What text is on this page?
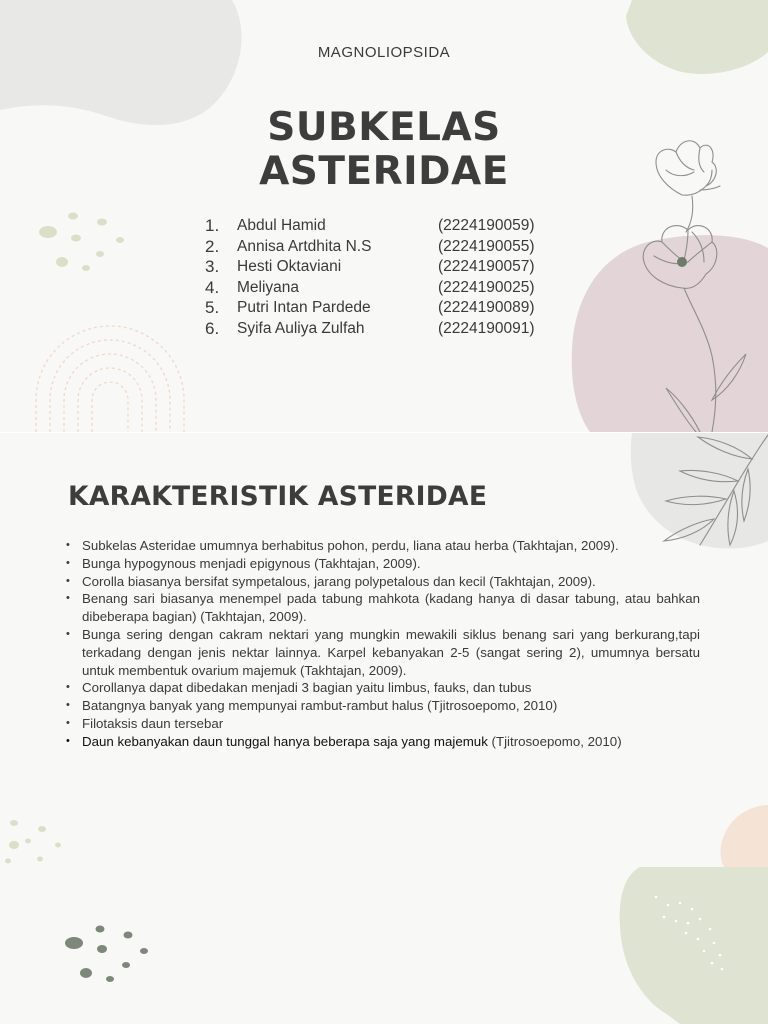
MAGNOLIOPSIDA
SUBKELAS
ASTERIDAE
1.	Abdul Hamid	(2224190059)
2.	Annisa Artdhita N.S	(2224190055)
3.	Hesti Oktaviani	(2224190057)
4.	Meliyana	(2224190025)
5.	Putri Intan Pardede	(2224190089)
6.	Syifa Auliya Zulfah	(2224190091)
KARAKTERISTIK ASTERIDAE
• Subkelas Asteridae umumnya berhabitus pohon, perdu, liana atau herba (Takhtajan, 2009).
• Bunga hypogynous menjadi epigynous (Takhtajan, 2009).
• Corolla biasanya bersifat sympetalous, jarang polypetalous dan kecil (Takhtajan, 2009).
• Benang sari biasanya menempel pada tabung mahkota (kadang hanya di dasar tabung, atau bahkan dibeberapa bagian) (Takhtajan, 2009).
• Bunga sering dengan cakram nektari yang mungkin mewakili siklus benang sari yang berkurang,tapi terkadang dengan jenis nektar lainnya. Karpel kebanyakan 2-5 (sangat sering 2), umumnya bersatu untuk membentuk ovarium majemuk (Takhtajan, 2009).
• Corollanya dapat dibedakan menjadi 3 bagian yaitu limbus, fauks, dan tubus
• Batangnya banyak yang mempunyai rambut-rambut halus (Tjitrosoepomo, 2010)
• Filotaksis daun tersebar
• Daun kebanyakan daun tunggal hanya beberapa saja yang majemuk (Tjitrosoepomo, 2010)
